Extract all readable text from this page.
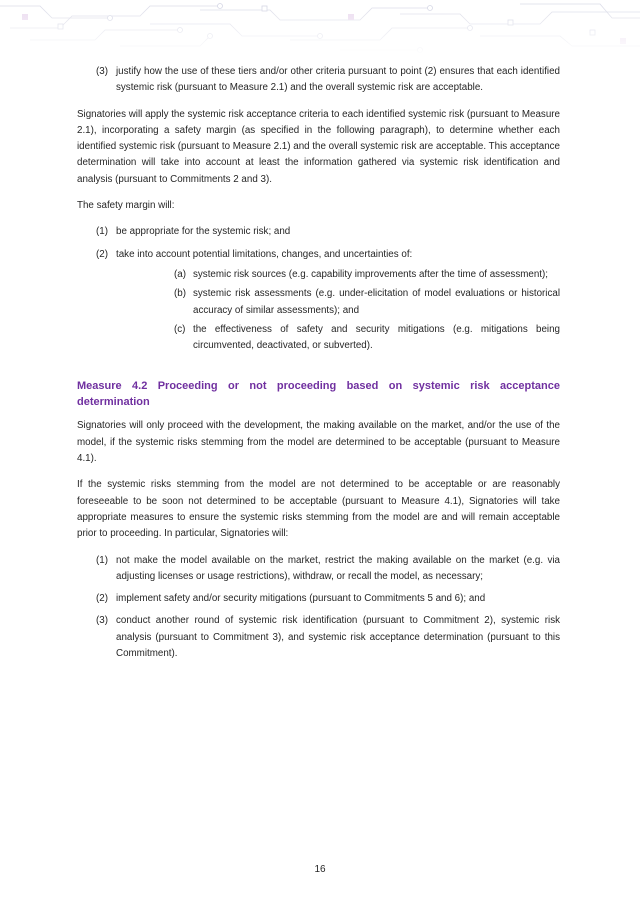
(3) justify how the use of these tiers and/or other criteria pursuant to point (2) ensures that each identified systemic risk (pursuant to Measure 2.1) and the overall systemic risk are acceptable.

Signatories will apply the systemic risk acceptance criteria to each identified systemic risk (pursuant to Measure 2.1), incorporating a safety margin (as specified in the following paragraph), to determine whether each identified systemic risk (pursuant to Measure 2.1) and the overall systemic risk are acceptable. This acceptance determination will take into account at least the information gathered via systemic risk identification and analysis (pursuant to Commitments 2 and 3).

The safety margin will:

(1) be appropriate for the systemic risk; and
(2) take into account potential limitations, changes, and uncertainties of:
(a) systemic risk sources (e.g. capability improvements after the time of assessment);
(b) systemic risk assessments (e.g. under-elicitation of model evaluations or historical accuracy of similar assessments); and
(c) the effectiveness of safety and security mitigations (e.g. mitigations being circumvented, deactivated, or subverted).
Measure 4.2 Proceeding or not proceeding based on systemic risk acceptance determination

Signatories will only proceed with the development, the making available on the market, and/or the use of the model, if the systemic risks stemming from the model are determined to be acceptable (pursuant to Measure 4.1).

If the systemic risks stemming from the model are not determined to be acceptable or are reasonably foreseeable to be soon not determined to be acceptable (pursuant to Measure 4.1), Signatories will take appropriate measures to ensure the systemic risks stemming from the model are and will remain acceptable prior to proceeding. In particular, Signatories will:

(1) not make the model available on the market, restrict the making available on the market (e.g. via adjusting licenses or usage restrictions), withdraw, or recall the model, as necessary;
(2) implement safety and/or security mitigations (pursuant to Commitments 5 and 6); and
(3) conduct another round of systemic risk identification (pursuant to Commitment 2), systemic risk analysis (pursuant to Commitment 3), and systemic risk acceptance determination (pursuant to this Commitment).
16
